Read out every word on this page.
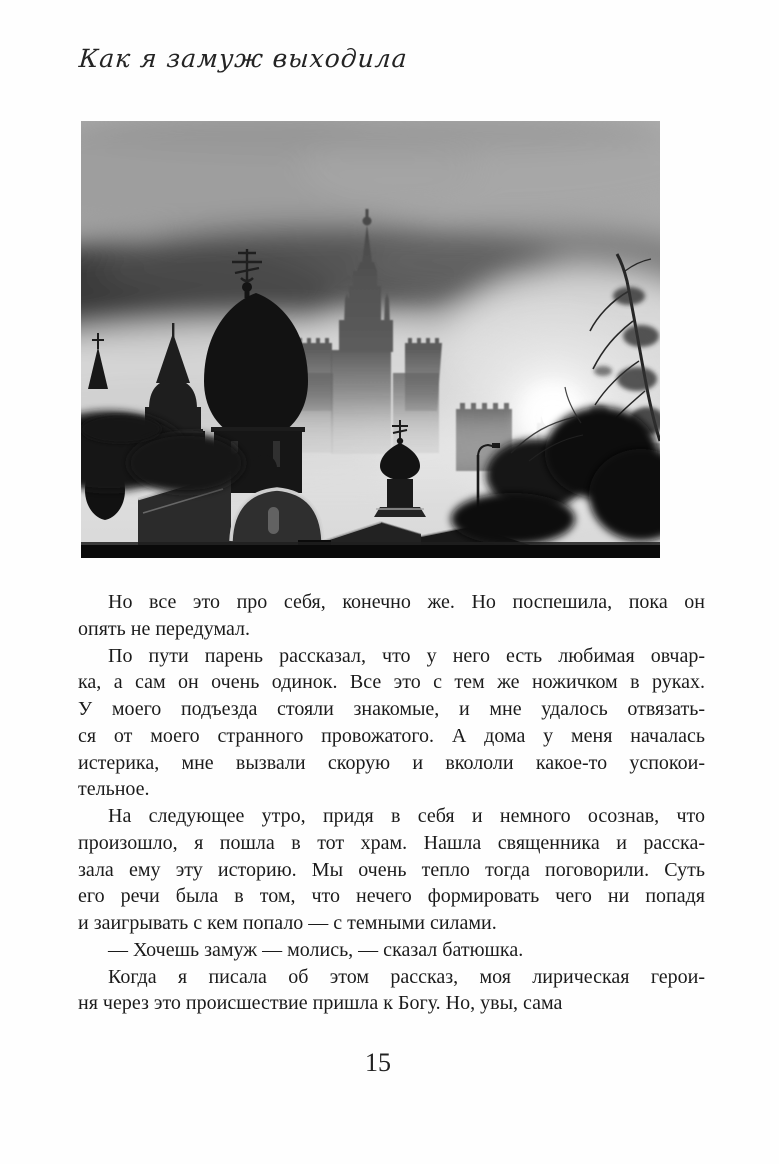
Как я замуж выходила
Но все это про себя, конечно же. Но поспешила, пока он
опять не передумал.
По пути парень рассказал, что у него есть любимая овчар-
ка, а сам он очень одинок. Все это с тем же ножичком в руках.
У моего подъезда стояли знакомые, и мне удалось отвязать-
ся от моего странного провожатого. А дома у меня началась
истерика, мне вызвали скорую и вкололи какое-то успокои-
тельное.
На следующее утро, придя в себя и немного осознав, что
произошло, я пошла в тот храм. Нашла священника и расска-
зала ему эту историю. Мы очень тепло тогда поговорили. Суть
его речи была в том, что нечего формировать чего ни попадя
и заигрывать с кем попало — с темными силами.
— Хочешь замуж — молись, — сказал батюшка.
Когда я писала об этом рассказ, моя лирическая герои-
ня через это происшествие пришла к Богу. Но, увы, сама
15
